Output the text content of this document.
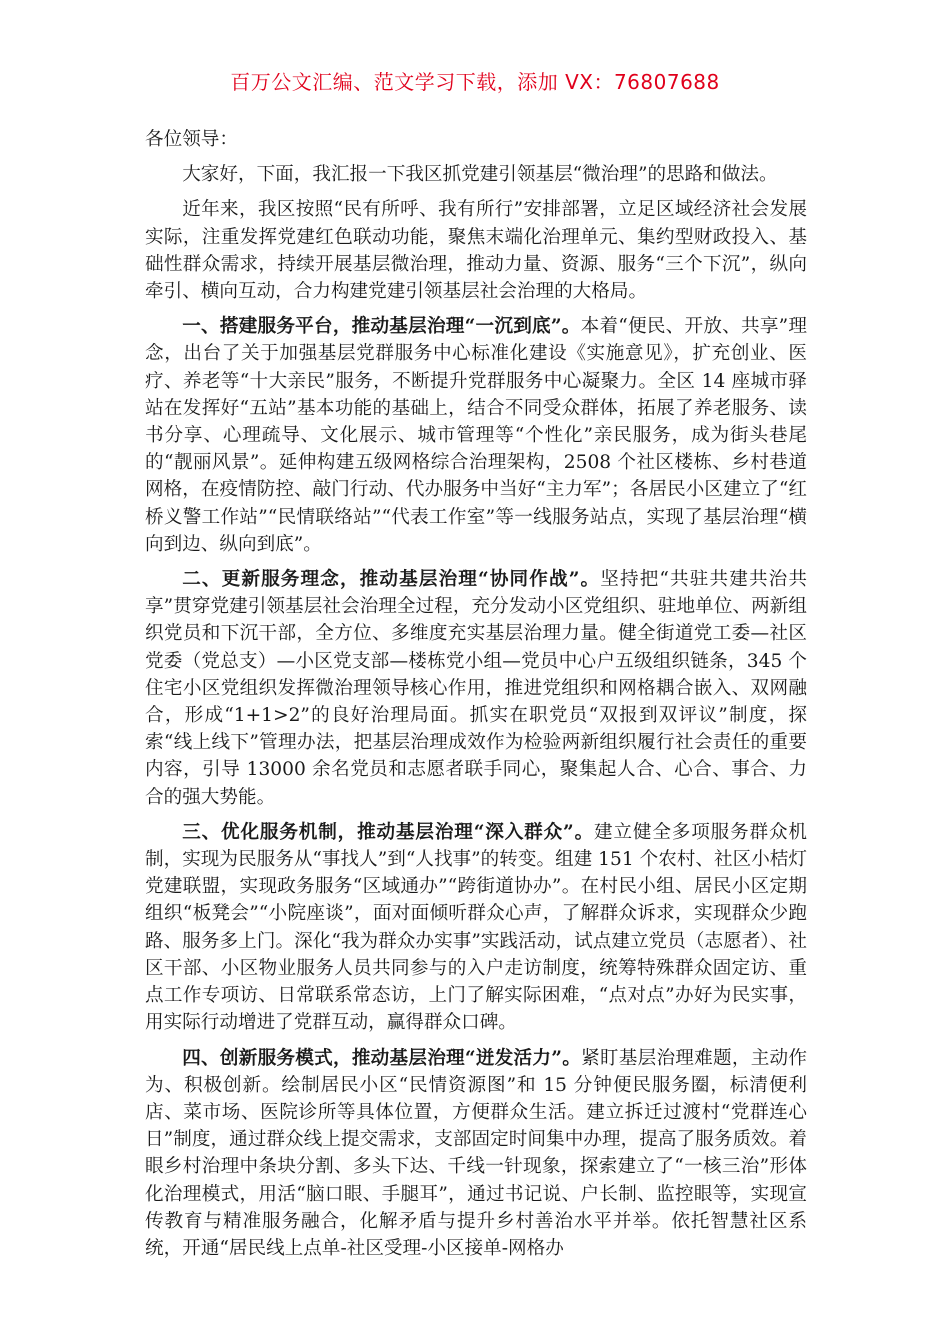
百万公文汇编、范文学习下载，添加 VX：76807688

各位领导：

大家好，下面，我汇报一下我区抓党建引领基层“微治理”的思路和做法。

近年来，我区按照“民有所呼、我有所行”安排部署，立足区域经济社会发展实际，注重发挥党建红色联动功能，聚焦末端化治理单元、集约型财政投入、基础性群众需求，持续开展基层微治理，推动力量、资源、服务“三个下沉”，纵向牵引、横向互动，合力构建党建引领基层社会治理的大格局。

一、搭建服务平台，推动基层治理“一沉到底”。本着“便民、开放、共享”理念，出台了关于加强基层党群服务中心标准化建设《实施意见》，扩充创业、医疗、养老等“十大亲民”服务，不断提升党群服务中心凝聚力。全区 14 座城市驿站在发挥好“五站”基本功能的基础上，结合不同受众群体，拓展了养老服务、读书分享、心理疏导、文化展示、城市管理等“个性化”亲民服务，成为街头巷尾的“靓丽风景”。延伸构建五级网格综合治理架构，2508 个社区楼栋、乡村巷道网格，在疫情防控、敲门行动、代办服务中当好“主力军”；各居民小区建立了“红桥义警工作站”“民情联络站”“代表工作室”等一线服务站点，实现了基层治理“横向到边、纵向到底”。

二、更新服务理念，推动基层治理“协同作战”。坚持把“共驻共建共治共享”贯穿党建引领基层社会治理全过程，充分发动小区党组织、驻地单位、两新组织党员和下沉干部，全方位、多维度充实基层治理力量。健全街道党工委—社区党委（党总支）—小区党支部—楼栋党小组—党员中心户五级组织链条，345 个住宅小区党组织发挥微治理领导核心作用，推进党组织和网格耦合嵌入、双网融合，形成“1+1>2”的良好治理局面。抓实在职党员“双报到双评议”制度，探索“线上线下”管理办法，把基层治理成效作为检验两新组织履行社会责任的重要内容，引导 13000 余名党员和志愿者联手同心，聚集起人合、心合、事合、力合的强大势能。

三、优化服务机制，推动基层治理“深入群众”。建立健全多项服务群众机制，实现为民服务从“事找人”到“人找事”的转变。组建 151 个农村、社区小桔灯党建联盟，实现政务服务“区域通办”“跨街道协办”。在村民小组、居民小区定期组织“板凳会”“小院座谈”，面对面倾听群众心声，了解群众诉求，实现群众少跑路、服务多上门。深化“我为群众办实事”实践活动，试点建立党员（志愿者）、社区干部、小区物业服务人员共同参与的入户走访制度，统筹特殊群众固定访、重点工作专项访、日常联系常态访，上门了解实际困难，“点对点”办好为民实事，用实际行动增进了党群互动，赢得群众口碑。

四、创新服务模式，推动基层治理“迸发活力”。紧盯基层治理难题，主动作为、积极创新。绘制居民小区“民情资源图”和 15 分钟便民服务圈，标清便利店、菜市场、医院诊所等具体位置，方便群众生活。建立拆迁过渡村“党群连心日”制度，通过群众线上提交需求，支部固定时间集中办理，提高了服务质效。着眼乡村治理中条块分割、多头下达、千线一针现象，探索建立了“一核三治”形体化治理模式，用活“脑口眼、手腿耳”，通过书记说、户长制、监控眼等，实现宣传教育与精准服务融合，化解矛盾与提升乡村善治水平并举。依托智慧社区系统，开通“居民线上点单-社区受理-小区接单-网格办
